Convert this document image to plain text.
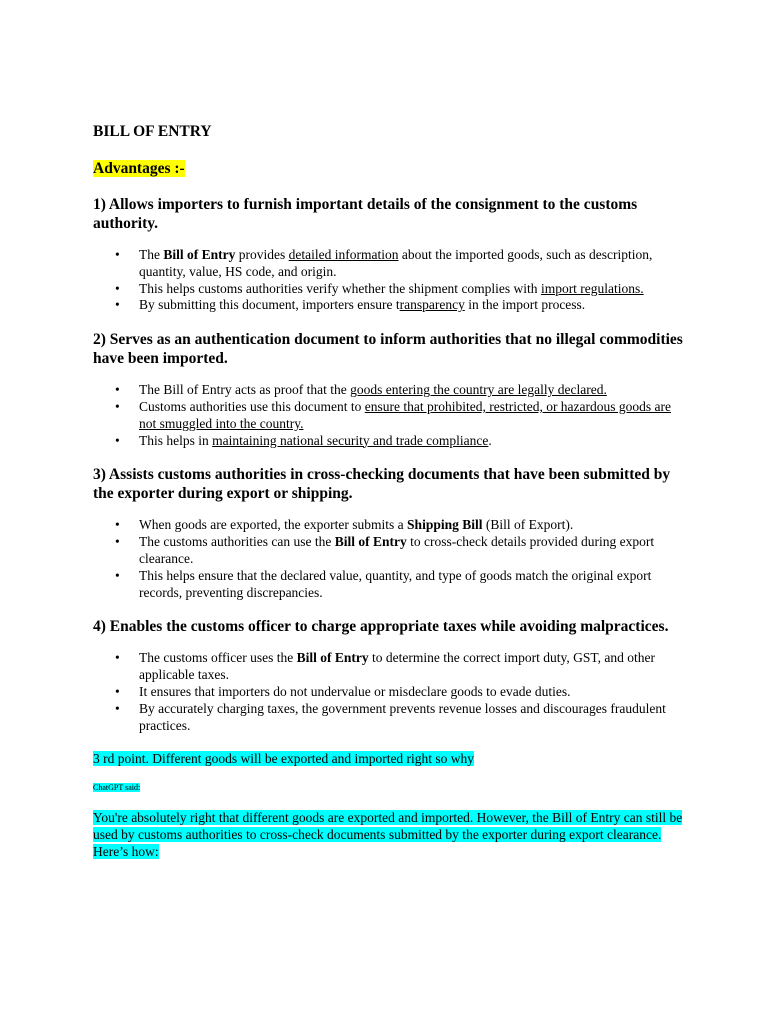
BILL OF ENTRY
Advantages :-
1) Allows importers to furnish important details of the consignment to the customs authority.
• The Bill of Entry provides detailed information about the imported goods, such as description, quantity, value, HS code, and origin.
• This helps customs authorities verify whether the shipment complies with import regulations.
• By submitting this document, importers ensure transparency in the import process.
2) Serves as an authentication document to inform authorities that no illegal commodities have been imported.
• The Bill of Entry acts as proof that the goods entering the country are legally declared.
• Customs authorities use this document to ensure that prohibited, restricted, or hazardous goods are not smuggled into the country.
• This helps in maintaining national security and trade compliance.
3) Assists customs authorities in cross-checking documents that have been submitted by the exporter during export or shipping.
• When goods are exported, the exporter submits a Shipping Bill (Bill of Export).
• The customs authorities can use the Bill of Entry to cross-check details provided during export clearance.
• This helps ensure that the declared value, quantity, and type of goods match the original export records, preventing discrepancies.
4) Enables the customs officer to charge appropriate taxes while avoiding malpractices.
• The customs officer uses the Bill of Entry to determine the correct import duty, GST, and other applicable taxes.
• It ensures that importers do not undervalue or misdeclare goods to evade duties.
• By accurately charging taxes, the government prevents revenue losses and discourages fraudulent practices.

3 rd point. Different goods will be exported and imported right so why

ChatGPT said:

You're absolutely right that different goods are exported and imported. However, the Bill of Entry can still be used by customs authorities to cross-check documents submitted by the exporter during export clearance. Here’s how:
